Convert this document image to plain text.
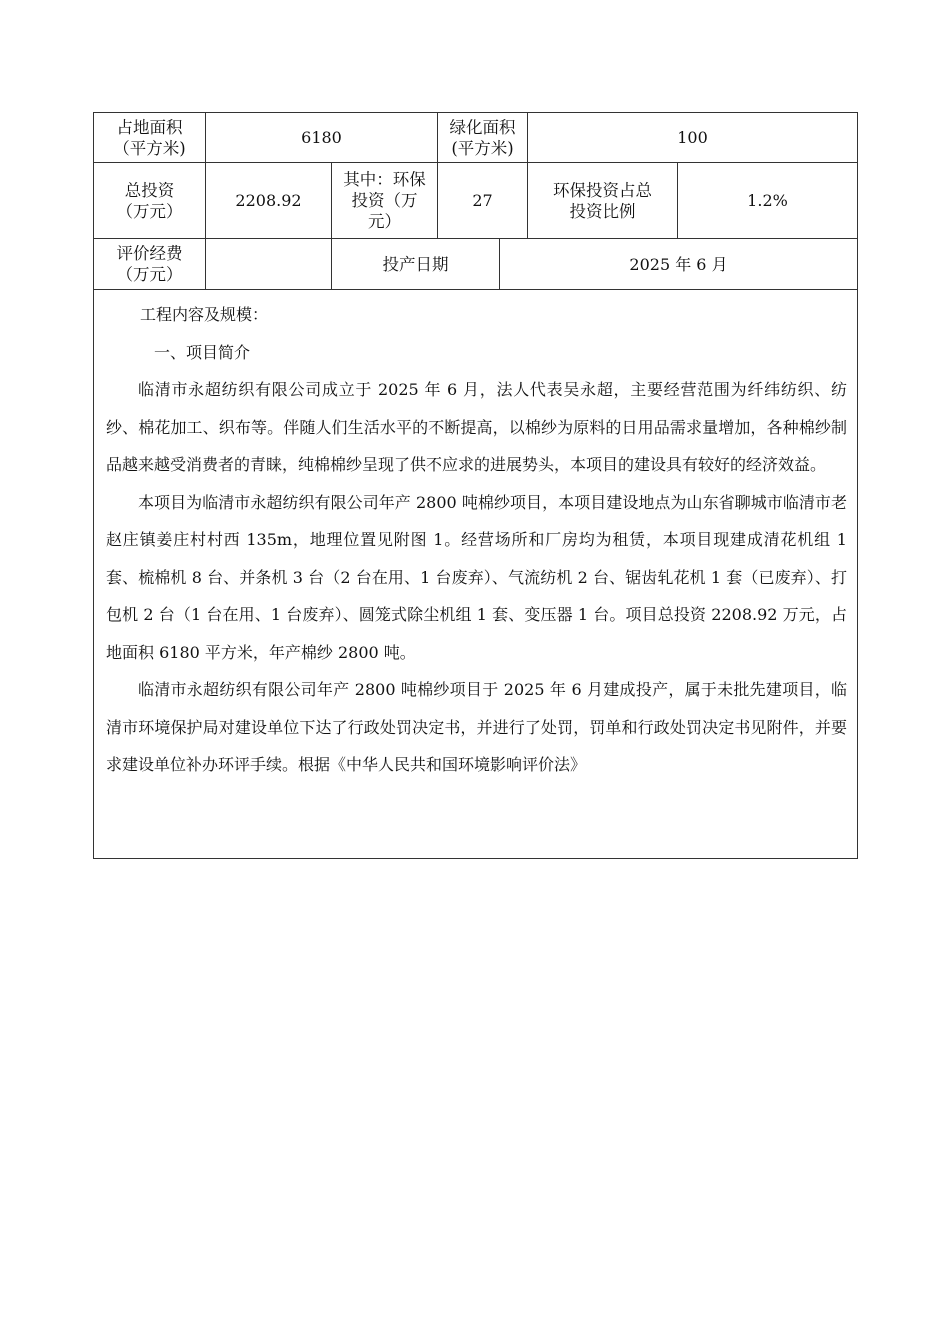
占地面积
（平方米)
6180
绿化面积
(平方米)
100
总投资
（万元）
2208.92
其中：环保
投资（万
元）
27
环保投资占总
投资比例
1.2%
评价经费
（万元）
投产日期	2025 年 6 月

工程内容及规模：

一、项目简介

临清市永超纺织有限公司成立于 2025 年 6 月，法人代表吴永超，主要经营范围为纤纬纺织、纺纱、棉花加工、织布等。伴随人们生活水平的不断提高，以棉纱为原料的日用品需求量增加，各种棉纱制品越来越受消费者的青睐，纯棉棉纱呈现了供不应求的进展势头，本项目的建设具有较好的经济效益。

本项目为临清市永超纺织有限公司年产 2800 吨棉纱项目，本项目建设地点为山东省聊城市临清市老赵庄镇姜庄村村西 135m，地理位置见附图 1。经营场所和厂房均为租赁，本项目现建成清花机组 1 套、梳棉机 8 台、并条机 3 台（2 台在用、1 台废弃）、气流纺机 2 台、锯齿轧花机 1 套（已废弃）、打包机 2 台（1 台在用、1 台废弃）、圆笼式除尘机组 1 套、变压器 1 台。项目总投资 2208.92 万元，占地面积 6180 平方米，年产棉纱 2800 吨。

临清市永超纺织有限公司年产 2800 吨棉纱项目于 2025 年 6 月建成投产，属于未批先建项目，临清市环境保护局对建设单位下达了行政处罚决定书，并进行了处罚，罚单和行政处罚决定书见附件，并要求建设单位补办环评手续。根据《中华人民共和国环境影响评价法》
